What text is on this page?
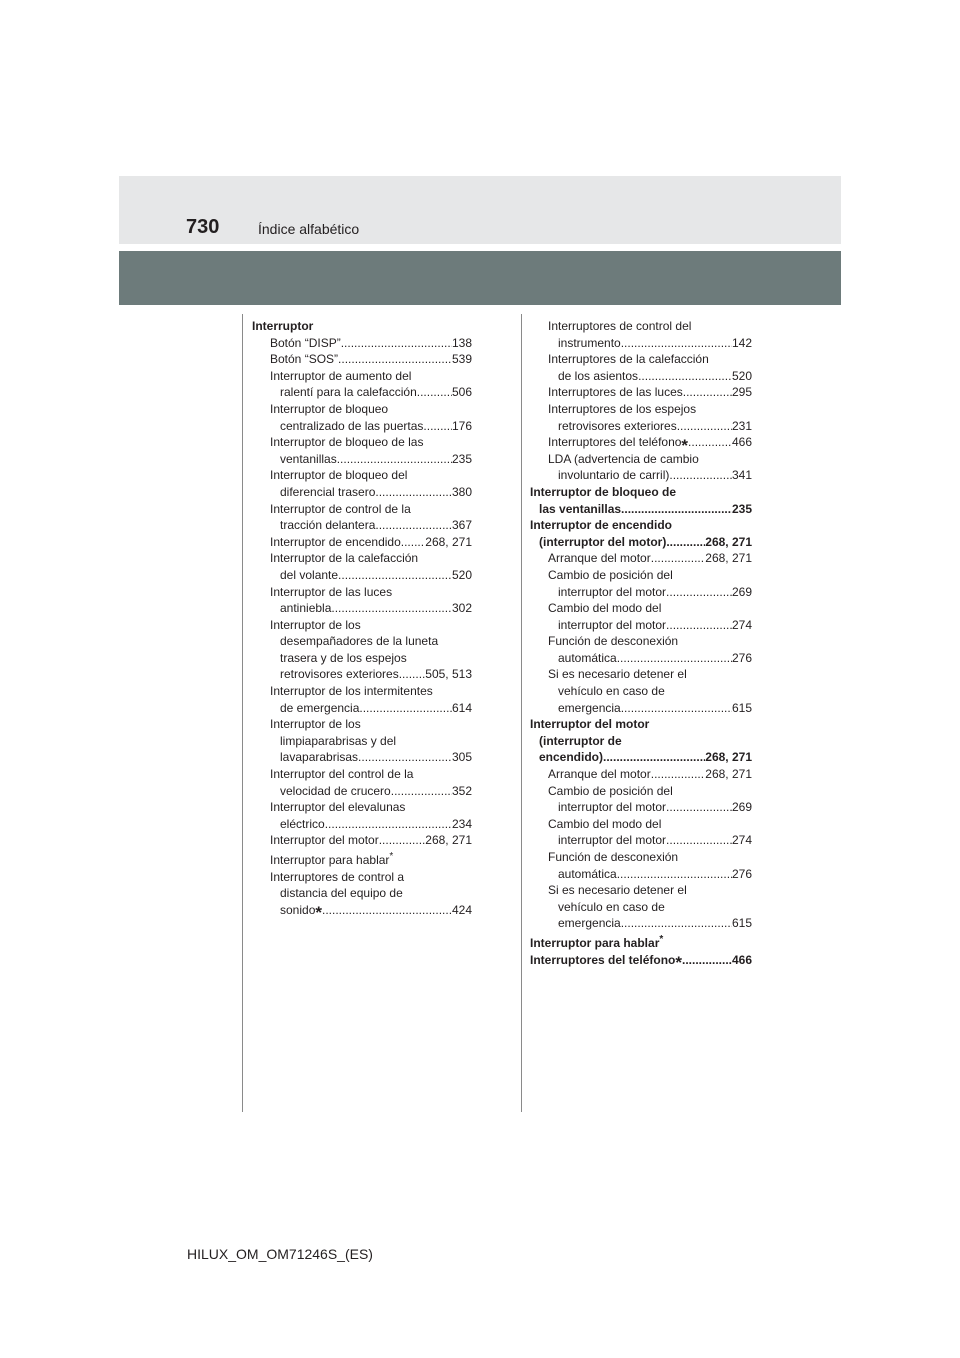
730	Índice alfabético
Interruptor
Botón “DISP” .....	138
Botón “SOS” .....	539
Interruptor de aumento del
ralentí para la calefacción .....	506
Interruptor de bloqueo
centralizado de las puertas ..... 176
Interruptor de bloqueo de las
ventanillas .....	235
Interruptor de bloqueo del
diferencial trasero .....	380
Interruptor de control de la
tracción delantera .....	367
Interruptor de encendido ..... 268, 271
Interruptor de la calefacción
del volante .....	520
Interruptor de las luces
antiniebla .....	302
Interruptor de los
desempañadores de la luneta
trasera y de los espejos
retrovisores exteriores ..... 505, 513
Interruptor de los intermitentes
de emergencia .....	614
Interruptor de los
limpiaparabrisas y del
lavaparabrisas .....	305
Interruptor del control de la
velocidad de crucero .....	352
Interruptor del elevalunas
eléctrico .....	234
Interruptor del motor .....	268, 271
Interruptor para hablar*
Interruptores de control a
distancia del equipo de
sonido * .....	424
Interruptores de control del
instrumento .....	142
Interruptores de la calefacción
de los asientos .....	520
Interruptores de las luces .....	295
Interruptores de los espejos
retrovisores exteriores .....	231
Interruptores del teléfono * .....	466
LDA (advertencia de cambio
involuntario de carril) .....	341
Interruptor de bloqueo de
las ventanillas .....	235
Interruptor de encendido
(interruptor del motor) .....	268, 271
Arranque del motor .....	268, 271
Cambio de posición del
interruptor del motor .....	269
Cambio del modo del
interruptor del motor .....	274
Función de desconexión
automática .....	276
Si es necesario detener el
vehículo en caso de
emergencia .....	615
Interruptor del motor
(interruptor de
encendido) .....	268, 271
Arranque del motor .....	268, 271
Cambio de posición del
interruptor del motor .....	269
Cambio del modo del
interruptor del motor .....	274
Función de desconexión
automática .....	276
Si es necesario detener el
vehículo en caso de
emergencia .....	615
Interruptor para hablar*
Interruptores del teléfono * .....	466
HILUX_OM_OM71246S_(ES)
